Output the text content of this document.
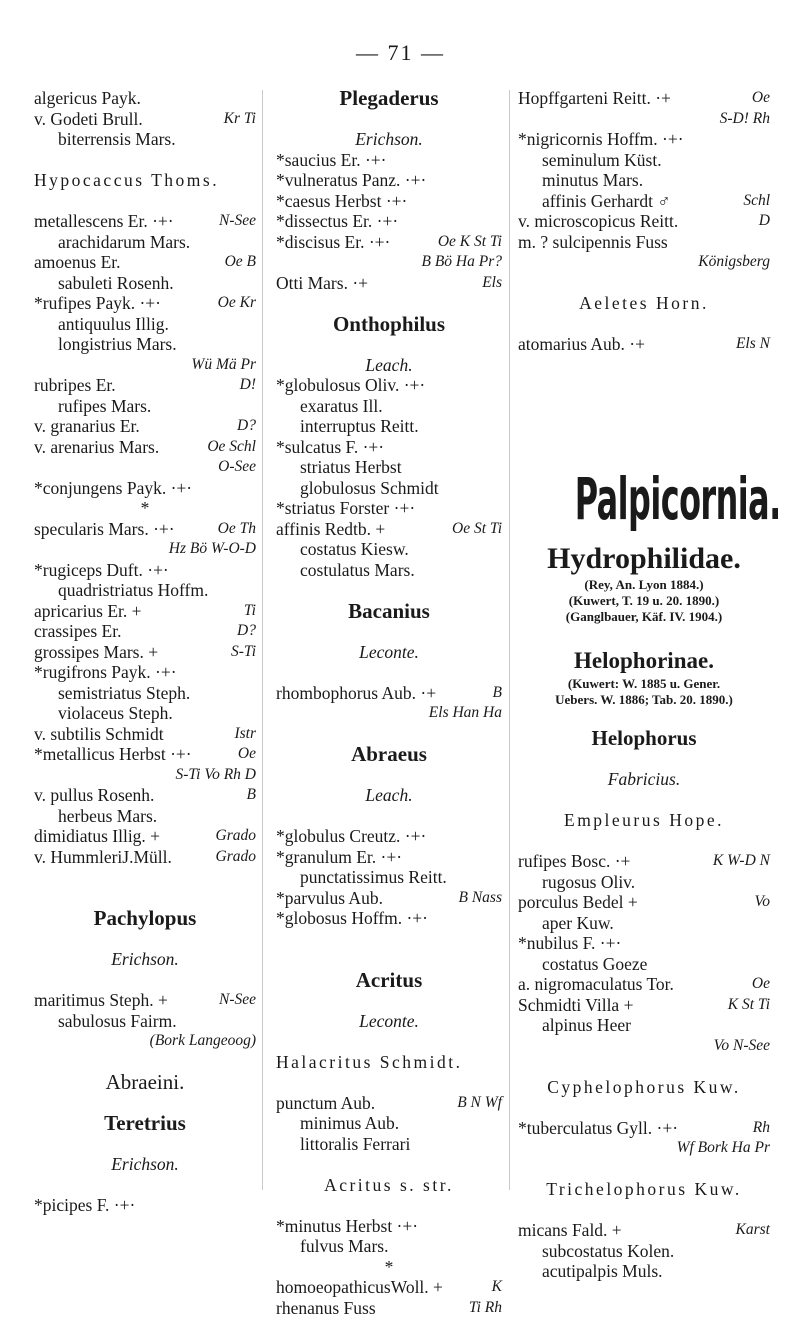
— 71 —
algericus Payk.
v. Godeti Brull.	Kr Ti
biterrensis Mars.
Hypocaccus Thoms.
metallescens Er. ·+·	N-See
arachidarum Mars.
amoenus Er.	Oe B
sabuleti Rosenh.
*rufipes Payk. ·+·	Oe Kr
antiquulus Illig.
longistrius Mars.
Wü Mä Pr
rubripes Er.	D!
rufipes Mars.
v. granarius Er.	D?
v. arenarius Mars.	Oe Schl
O-See
*conjungens Payk. ·+·
*
specularis Mars. ·+·	Oe Th
Hz Bö W-O-D
*rugiceps Duft. ·+·
quadristriatus Hoffm.
apricarius Er. +	Ti
crassipes Er.	D?
grossipes Mars. +	S-Ti
*rugifrons Payk. ·+·
semistriatus Steph.
violaceus Steph.
v. subtilis Schmidt	Istr
*metallicus Herbst ·+·	Oe
S-Ti Vo Rh D
v. pullus Rosenh.	B
herbeus Mars.
dimidiatus Illig. +	Grado
v. HummleriJ.Müll.	Grado
Pachylopus
Erichson.
maritimus Steph. +	N-See
sabulosus Fairm.
(Bork Langeoog)
Abraeini.
Teretrius
Erichson.
*picipes F. ·+·
Plegaderus
Erichson.
*saucius Er. ·+·
*vulneratus Panz. ·+·
*caesus Herbst ·+·
*dissectus Er. ·+·
*discisus Er. ·+·	Oe K St Ti
B Bö Ha Pr?
Otti Mars. ·+	Els
Onthophilus
Leach.
*globulosus Oliv. ·+·
exaratus Ill.
interruptus Reitt.
*sulcatus F. ·+·
striatus Herbst
globulosus Schmidt
*striatus Forster ·+·
affinis Redtb. +	Oe St Ti
costatus Kiesw.
costulatus Mars.
Bacanius
Leconte.
rhombophorus Aub. ·+	B
Els Han Ha
Abraeus
Leach.
*globulus Creutz. ·+·
*granulum Er. ·+·
punctatissimus Reitt.
*parvulus Aub.	B Nass
*globosus Hoffm. ·+·
Acritus
Leconte.
Halacritus Schmidt.
punctum Aub.	B N Wf
minimus Aub.
littoralis Ferrari
Acritus s. str.
*minutus Herbst ·+·
fulvus Mars.
*
homoeopathicusWoll. +	K
rhenanus Fuss	Ti Rh
Hopffgarteni Reitt. ·+	Oe
S-D! Rh
*nigricornis Hoffm. ·+·
seminulum Küst.
minutus Mars.
affinis Gerhardt ♂	Schl
v. microscopicus Reitt.	D
m. ? sulcipennis Fuss
Königsberg
Aeletes Horn.
atomarius Aub. ·+	Els N
Palpicornia.
Hydrophilidae.
(Rey, An. Lyon 1884.)
(Kuwert, T. 19 u. 20. 1890.)
(Ganglbauer, Käf. IV. 1904.)
Helophorinae.
(Kuwert: W. 1885 u. Gener.
Uebers. W. 1886; Tab. 20. 1890.)
Helophorus
Fabricius.
Empleurus Hope.
rufipes Bosc. ·+	K W-D N
rugosus Oliv.
porculus Bedel +	Vo
aper Kuw.
*nubilus F. ·+·
costatus Goeze
a. nigromaculatus Tor.	Oe
Schmidti Villa +	K St Ti
alpinus Heer
Vo N-See
Cyphelophorus Kuw.
*tuberculatus Gyll. ·+·	Rh
Wf Bork Ha Pr
Trichelophorus Kuw.
micans Fald. +	Karst
subcostatus Kolen.
acutipalpis Muls.
